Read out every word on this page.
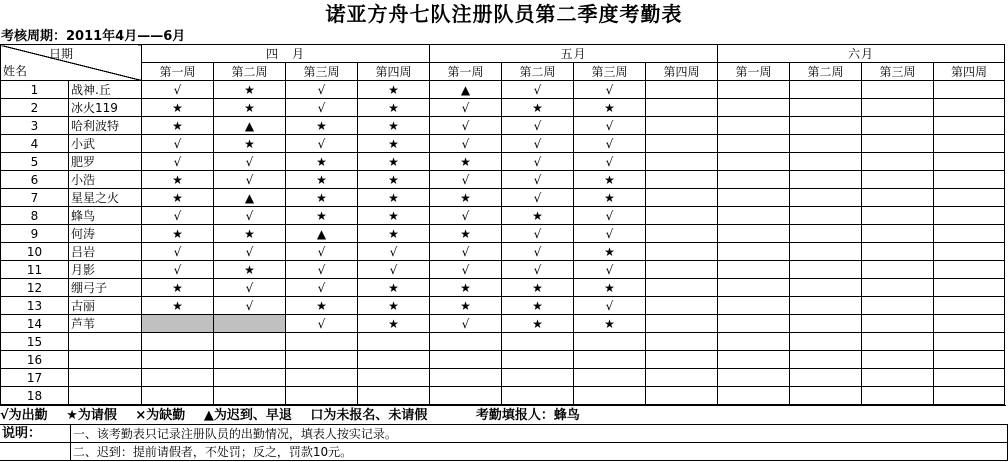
诺亚方舟七队注册队员第二季度考勤表
考核周期：2011年4月——6月
日期
姓名		四　月				五月				六月			
		第一周	第二周	第三周	第四周	第一周	第二周	第三周	第四周	第一周	第二周	第三周	第四周
1	战神.丘	√	★	√	★	▲	√	√					
2	冰火119	★	★	√	★	√	★	★					
3	哈利波特	★	▲	★	★	√	√	√					
4	小武	√	★	√	★	√	√	√					
5	肥罗	√	√	★	★	★	√	√					
6	小浩	★	√	★	★	√	√	★					
7	星星之火	★	▲	★	★	★	√	★					
8	蜂鸟	√	√	★	★	√	★	√					
9	何涛	★	★	▲	★	★	√	√					
10	吕岩	√	√	√	√	√	√	★					
11	月影	√	★	√	√	√	√	√					
12	绷弓子	★	√	√	★	★	★	★					
13	古丽	★	√	★	★	★	★	√					
14	芦苇			√	★	√	★	★					
15													
16													
17													
18													
√为出勤 ★为请假 ×为缺勤 ▲为迟到、早退 口为未报名、未请假	考勤填报人：蜂鸟
说明：	一、该考勤表只记录注册队员的出勤情况，填表人按实记录。
	二、迟到：提前请假者，不处罚；反之，罚款10元。
